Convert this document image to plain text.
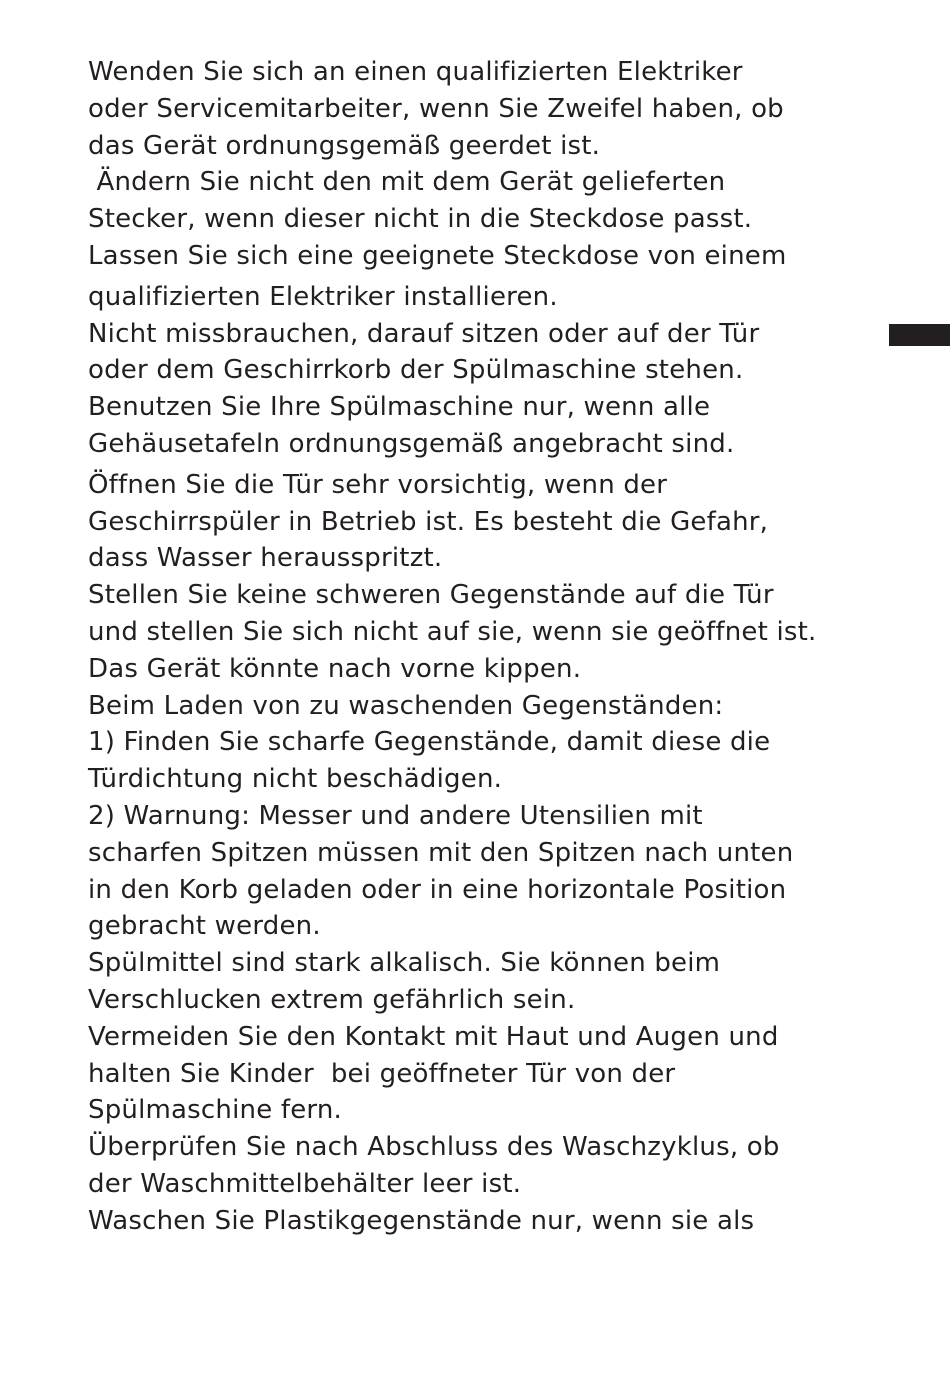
Wenden Sie sich an einen qualifizierten Elektriker
oder Servicemitarbeiter, wenn Sie Zweifel haben, ob
das Gerät ordnungsgemäß geerdet ist.
Ändern Sie nicht den mit dem Gerät gelieferten
Stecker, wenn dieser nicht in die Steckdose passt.
Lassen Sie sich eine geeignete Steckdose von einem
qualifizierten Elektriker installieren.
Nicht missbrauchen, darauf sitzen oder auf der Tür
oder dem Geschirrkorb der Spülmaschine stehen.
Benutzen Sie Ihre Spülmaschine nur, wenn alle
Gehäusetafeln ordnungsgemäß angebracht sind.
Öffnen Sie die Tür sehr vorsichtig, wenn der
Geschirrspüler in Betrieb ist. Es besteht die Gefahr,
dass Wasser herausspritzt.
Stellen Sie keine schweren Gegenstände auf die Tür
und stellen Sie sich nicht auf sie, wenn sie geöffnet ist.
Das Gerät könnte nach vorne kippen.
Beim Laden von zu waschenden Gegenständen:
1) Finden Sie scharfe Gegenstände, damit diese die
Türdichtung nicht beschädigen.
2) Warnung: Messer und andere Utensilien mit
scharfen Spitzen müssen mit den Spitzen nach unten
in den Korb geladen oder in eine horizontale Position
gebracht werden.
Spülmittel sind stark alkalisch. Sie können beim
Verschlucken extrem gefährlich sein.
Vermeiden Sie den Kontakt mit Haut und Augen und
halten Sie Kinder  bei geöffneter Tür von der
Spülmaschine fern.
Überprüfen Sie nach Abschluss des Waschzyklus, ob
der Waschmittelbehälter leer ist.
Waschen Sie Plastikgegenstände nur, wenn sie als
